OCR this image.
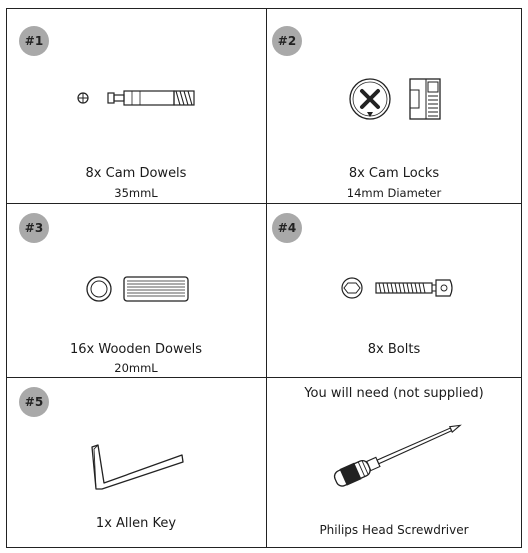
#1
8x Cam Dowels
35mmL
#2
8x Cam Locks
14mm Diameter
#3
16x Wooden Dowels
20mmL
#4
8x Bolts
#5
1x Allen Key
You will need (not supplied)
Philips Head Screwdriver
